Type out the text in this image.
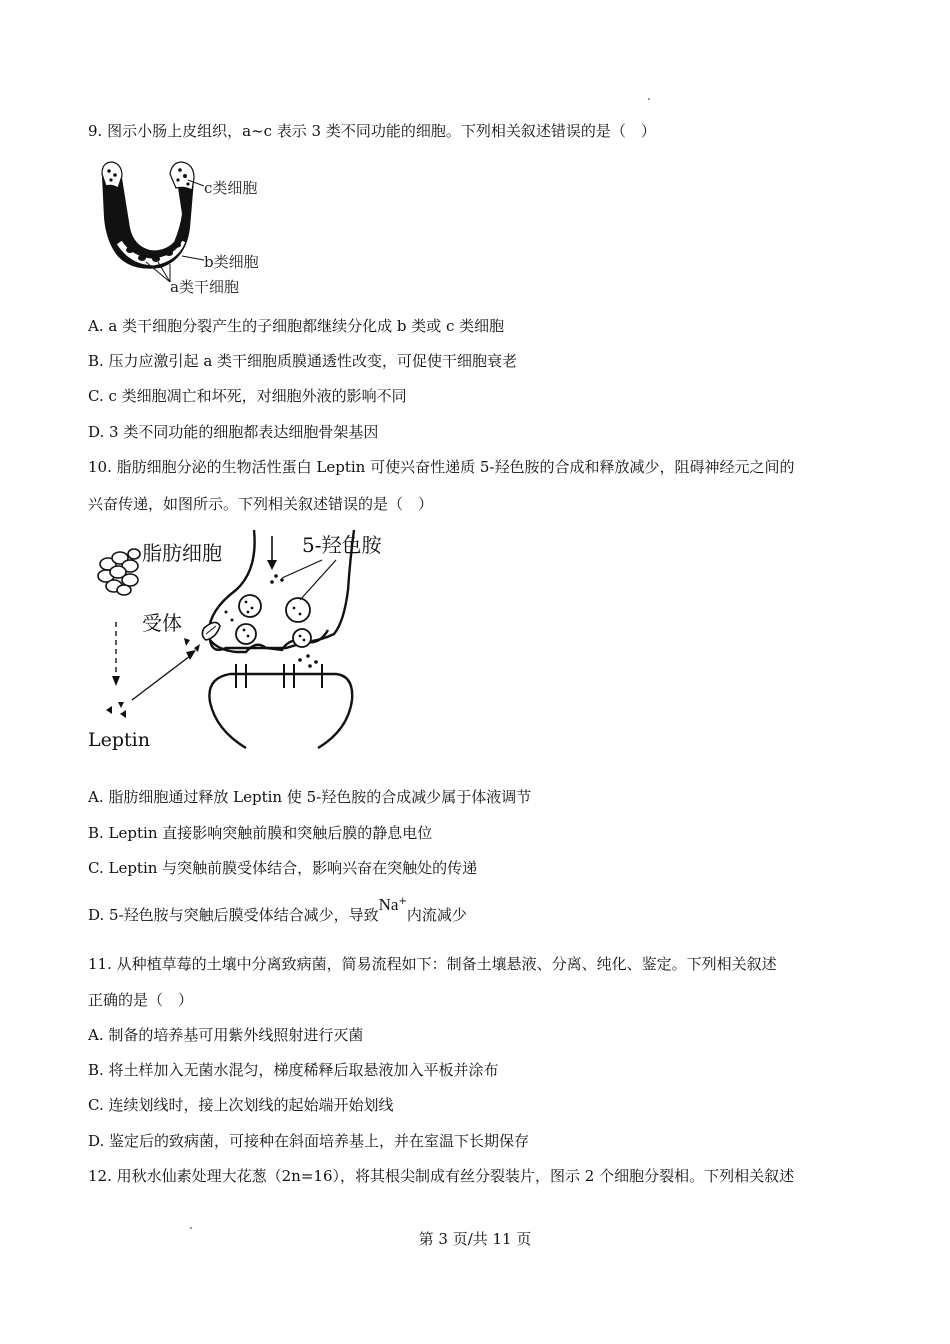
9. 图示小肠上皮组织，a~c 表示 3 类不同功能的细胞。下列相关叙述错误的是（　）
c类细胞
b类细胞
a类干细胞
A. a 类干细胞分裂产生的子细胞都继续分化成 b 类或 c 类细胞
B. 压力应激引起 a 类干细胞质膜通透性改变，可促使干细胞衰老
C. c 类细胞凋亡和坏死，对细胞外液的影响不同
D. 3 类不同功能的细胞都表达细胞骨架基因
10. 脂肪细胞分泌的生物活性蛋白 Leptin 可使兴奋性递质 5-羟色胺的合成和释放减少，阻碍神经元之间的
兴奋传递，如图所示。下列相关叙述错误的是（　）
脂肪细胞
Leptin
受体
5-羟色胺
A. 脂肪细胞通过释放 Leptin 使 5-羟色胺的合成减少属于体液调节
B. Leptin 直接影响突触前膜和突触后膜的静息电位
C. Leptin 与突触前膜受体结合，影响兴奋在突触处的传递
D. 5-羟色胺与突触后膜受体结合减少，导致Na+内流减少
11. 从种植草莓的土壤中分离致病菌，简易流程如下：制备土壤悬液、分离、纯化、鉴定。下列相关叙述
正确的是（　）
A. 制备的培养基可用紫外线照射进行灭菌
B. 将土样加入无菌水混匀，梯度稀释后取悬液加入平板并涂布
C. 连续划线时，接上次划线的起始端开始划线
D. 鉴定后的致病菌，可接种在斜面培养基上，并在室温下长期保存
12. 用秋水仙素处理大花葱（2n=16），将其根尖制成有丝分裂装片，图示 2 个细胞分裂相。下列相关叙述
第 3 页/共 11 页
